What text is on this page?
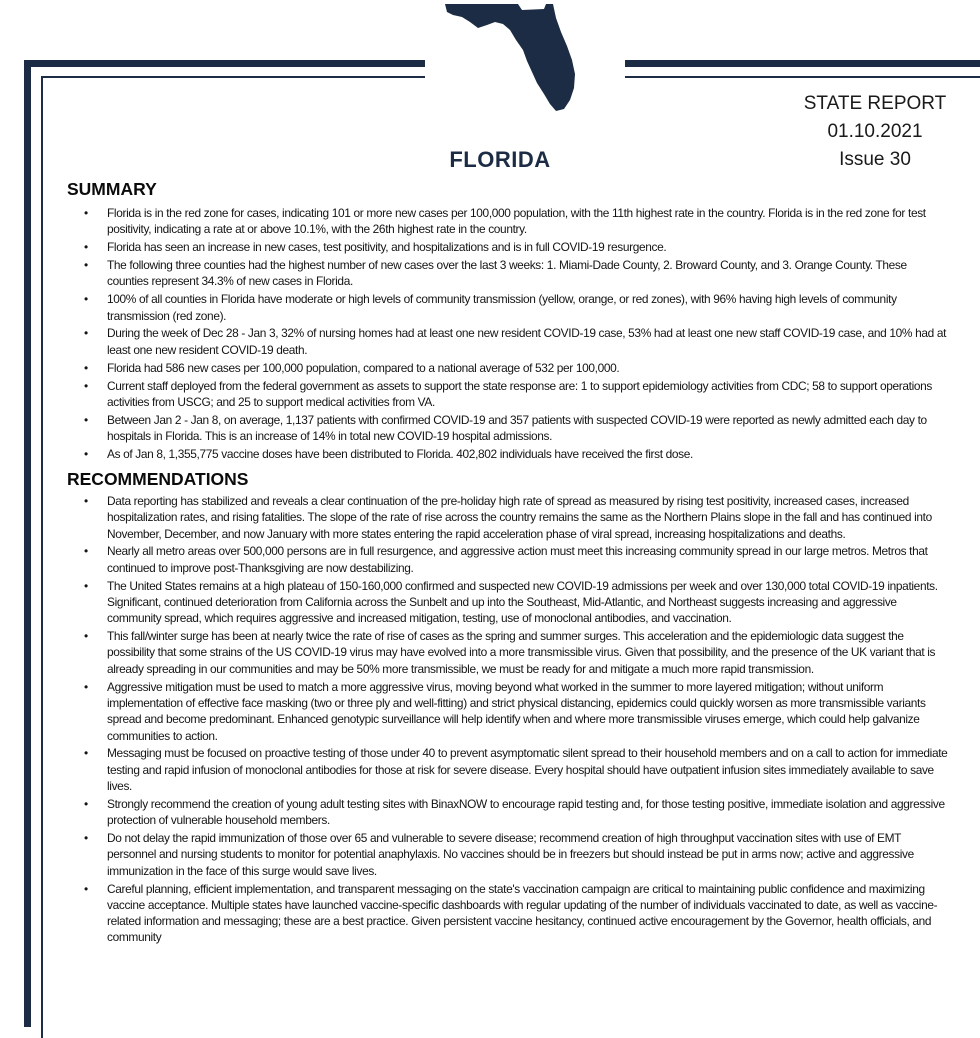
STATE REPORT
01.10.2021
Issue 30
FLORIDA
SUMMARY
• Florida is in the red zone for cases, indicating 101 or more new cases per 100,000 population, with the 11th highest rate in the country. Florida is in the red zone for test positivity, indicating a rate at or above 10.1%, with the 26th highest rate in the country.
• Florida has seen an increase in new cases, test positivity, and hospitalizations and is in full COVID-19 resurgence.
• The following three counties had the highest number of new cases over the last 3 weeks: 1. Miami-Dade County, 2. Broward County, and 3. Orange County. These counties represent 34.3% of new cases in Florida.
• 100% of all counties in Florida have moderate or high levels of community transmission (yellow, orange, or red zones), with 96% having high levels of community transmission (red zone).
• During the week of Dec 28 - Jan 3, 32% of nursing homes had at least one new resident COVID-19 case, 53% had at least one new staff COVID-19 case, and 10% had at least one new resident COVID-19 death.
• Florida had 586 new cases per 100,000 population, compared to a national average of 532 per 100,000.
• Current staff deployed from the federal government as assets to support the state response are: 1 to support epidemiology activities from CDC; 58 to support operations activities from USCG; and 25 to support medical activities from VA.
• Between Jan 2 - Jan 8, on average, 1,137 patients with confirmed COVID-19 and 357 patients with suspected COVID-19 were reported as newly admitted each day to hospitals in Florida. This is an increase of 14% in total new COVID-19 hospital admissions.
• As of Jan 8, 1,355,775 vaccine doses have been distributed to Florida. 402,802 individuals have received the first dose.
RECOMMENDATIONS
• Data reporting has stabilized and reveals a clear continuation of the pre-holiday high rate of spread as measured by rising test positivity, increased cases, increased hospitalization rates, and rising fatalities. The slope of the rate of rise across the country remains the same as the Northern Plains slope in the fall and has continued into November, December, and now January with more states entering the rapid acceleration phase of viral spread, increasing hospitalizations and deaths.
• Nearly all metro areas over 500,000 persons are in full resurgence, and aggressive action must meet this increasing community spread in our large metros. Metros that continued to improve post-Thanksgiving are now destabilizing.
• The United States remains at a high plateau of 150-160,000 confirmed and suspected new COVID-19 admissions per week and over 130,000 total COVID-19 inpatients. Significant, continued deterioration from California across the Sunbelt and up into the Southeast, Mid-Atlantic, and Northeast suggests increasing and aggressive community spread, which requires aggressive and increased mitigation, testing, use of monoclonal antibodies, and vaccination.
• This fall/winter surge has been at nearly twice the rate of rise of cases as the spring and summer surges. This acceleration and the epidemiologic data suggest the possibility that some strains of the US COVID-19 virus may have evolved into a more transmissible virus. Given that possibility, and the presence of the UK variant that is already spreading in our communities and may be 50% more transmissible, we must be ready for and mitigate a much more rapid transmission.
• Aggressive mitigation must be used to match a more aggressive virus, moving beyond what worked in the summer to more layered mitigation; without uniform implementation of effective face masking (two or three ply and well-fitting) and strict physical distancing, epidemics could quickly worsen as more transmissible variants spread and become predominant. Enhanced genotypic surveillance will help identify when and where more transmissible viruses emerge, which could help galvanize communities to action.
• Messaging must be focused on proactive testing of those under 40 to prevent asymptomatic silent spread to their household members and on a call to action for immediate testing and rapid infusion of monoclonal antibodies for those at risk for severe disease. Every hospital should have outpatient infusion sites immediately available to save lives.
• Strongly recommend the creation of young adult testing sites with BinaxNOW to encourage rapid testing and, for those testing positive, immediate isolation and aggressive protection of vulnerable household members.
• Do not delay the rapid immunization of those over 65 and vulnerable to severe disease; recommend creation of high throughput vaccination sites with use of EMT personnel and nursing students to monitor for potential anaphylaxis. No vaccines should be in freezers but should instead be put in arms now; active and aggressive immunization in the face of this surge would save lives.
• Careful planning, efficient implementation, and transparent messaging on the state's vaccination campaign are critical to maintaining public confidence and maximizing vaccine acceptance. Multiple states have launched vaccine-specific dashboards with regular updating of the number of individuals vaccinated to date, as well as vaccine-related information and messaging; these are a best practice. Given persistent vaccine hesitancy, continued active encouragement by the Governor, health officials, and community
